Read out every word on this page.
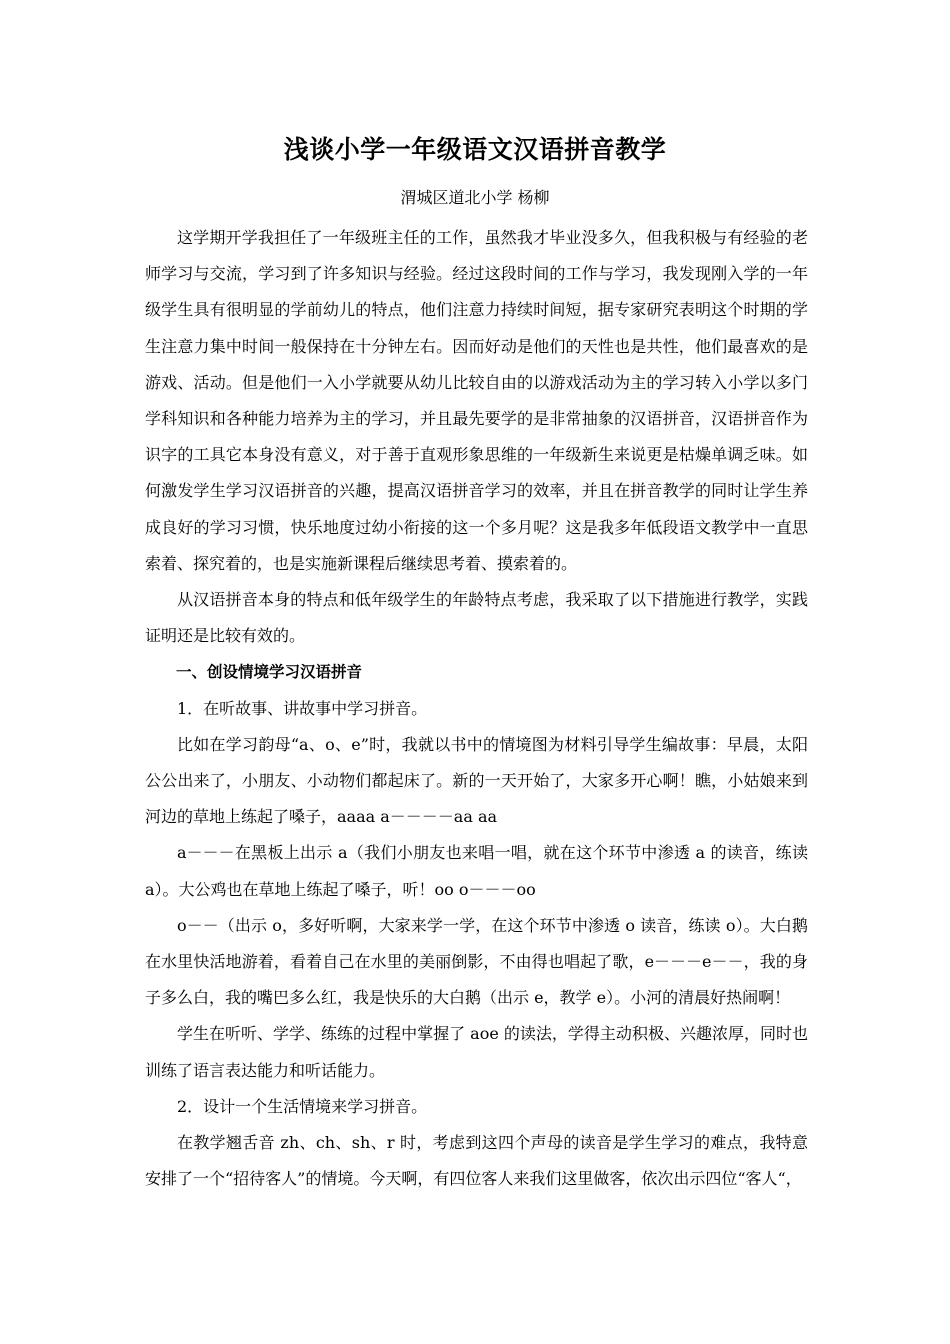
浅谈小学一年级语文汉语拼音教学
渭城区道北小学 杨柳

这学期开学我担任了一年级班主任的工作，虽然我才毕业没多久，但我积极与有经验的老师学习与交流，学习到了许多知识与经验。经过这段时间的工作与学习，我发现刚入学的一年级学生具有很明显的学前幼儿的特点，他们注意力持续时间短，据专家研究表明这个时期的学生注意力集中时间一般保持在十分钟左右。因而好动是他们的天性也是共性，他们最喜欢的是游戏、活动。但是他们一入小学就要从幼儿比较自由的以游戏活动为主的学习转入小学以多门学科知识和各种能力培养为主的学习，并且最先要学的是非常抽象的汉语拼音，汉语拼音作为识字的工具它本身没有意义，对于善于直观形象思维的一年级新生来说更是枯燥单调乏味。如何激发学生学习汉语拼音的兴趣，提高汉语拼音学习的效率，并且在拼音教学的同时让学生养成良好的学习习惯，快乐地度过幼小衔接的这一个多月呢？这是我多年低段语文教学中一直思索着、探究着的，也是实施新课程后继续思考着、摸索着的。

从汉语拼音本身的特点和低年级学生的年龄特点考虑，我采取了以下措施进行教学，实践证明还是比较有效的。

一、创设情境学习汉语拼音

1．在听故事、讲故事中学习拼音。

比如在学习韵母“a、o、e”时，我就以书中的情境图为材料引导学生编故事：早晨，太阳公公出来了，小朋友、小动物们都起床了。新的一天开始了，大家多开心啊！瞧，小姑娘来到河边的草地上练起了嗓子，aaaa a－－－－aa aa

a－－－在黑板上出示 a（我们小朋友也来唱一唱，就在这个环节中渗透 a 的读音，练读 a）。大公鸡也在草地上练起了嗓子，听！oo o－－－oo

o－－（出示 o，多好听啊，大家来学一学，在这个环节中渗透 o 读音，练读 o）。大白鹅在水里快活地游着，看着自己在水里的美丽倒影，不由得也唱起了歌，e－－－e－－，我的身子多么白，我的嘴巴多么红，我是快乐的大白鹅（出示 e，教学 e）。小河的清晨好热闹啊！

学生在听听、学学、练练的过程中掌握了 aoe 的读法，学得主动积极、兴趣浓厚，同时也训练了语言表达能力和听话能力。

2．设计一个生活情境来学习拼音。

在教学翘舌音 zh、ch、sh、r 时，考虑到这四个声母的读音是学生学习的难点，我特意安排了一个“招待客人”的情境。今天啊，有四位客人来我们这里做客，依次出示四位“客人“，
